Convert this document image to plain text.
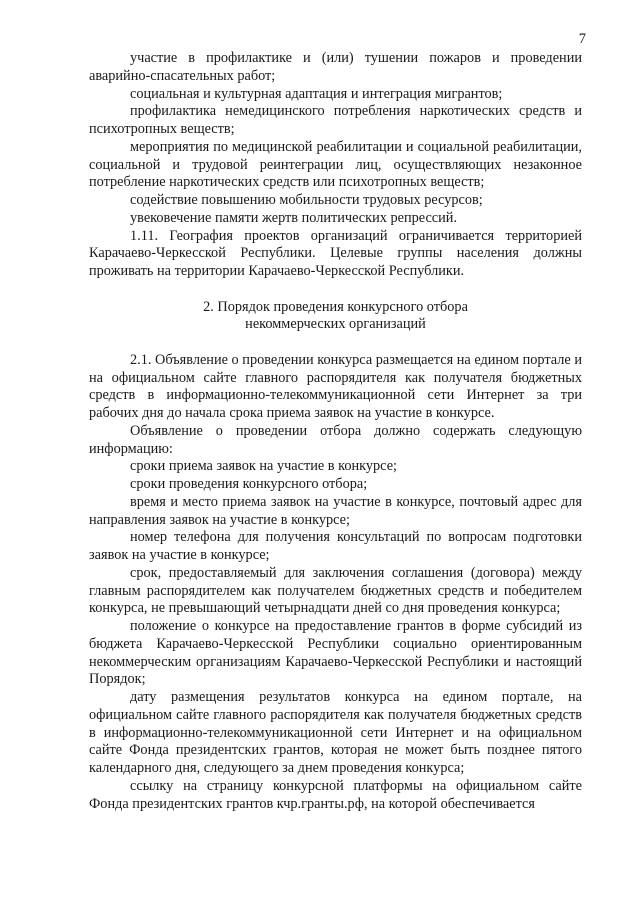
7

участие в профилактике и (или) тушении пожаров и проведении аварийно-спасательных работ;

социальная и культурная адаптация и интеграция мигрантов;

профилактика немедицинского потребления наркотических средств и психотропных веществ;

мероприятия по медицинской реабилитации и социальной реабилитации, социальной и трудовой реинтеграции лиц, осуществляющих незаконное потребление наркотических средств или психотропных веществ;

содействие повышению мобильности трудовых ресурсов;

увековечение памяти жертв политических репрессий.

1.11. География проектов организаций ограничивается территорией Карачаево-Черкесской Республики. Целевые группы населения должны проживать на территории Карачаево-Черкесской Республики.

2. Порядок проведения конкурсного отбора

некоммерческих организаций

2.1. Объявление о проведении конкурса размещается на едином портале и на официальном сайте главного распорядителя как получателя бюджетных средств в информационно-телекоммуникационной сети Интернет за три рабочих дня до начала срока приема заявок на участие в конкурсе.

Объявление о проведении отбора должно содержать следующую информацию:

сроки приема заявок на участие в конкурсе;

сроки проведения конкурсного отбора;

время и место приема заявок на участие в конкурсе, почтовый адрес для направления заявок на участие в конкурсе;

номер телефона для получения консультаций по вопросам подготовки заявок на участие в конкурсе;

срок, предоставляемый для заключения соглашения (договора) между главным распорядителем как получателем бюджетных средств и победителем конкурса, не превышающий четырнадцати дней со дня проведения конкурса;

положение о конкурсе на предоставление грантов в форме субсидий из бюджета Карачаево-Черкесской Республики социально ориентированным некоммерческим организациям Карачаево-Черкесской Республики и настоящий Порядок;

дату размещения результатов конкурса на едином портале, на официальном сайте главного распорядителя как получателя бюджетных средств в информационно-телекоммуникационной сети Интернет и на официальном сайте Фонда президентских грантов, которая не может быть позднее пятого календарного дня, следующего за днем проведения конкурса;

ссылку на страницу конкурсной платформы на официальном сайте Фонда президентских грантов кчр.гранты.рф, на которой обеспечивается
